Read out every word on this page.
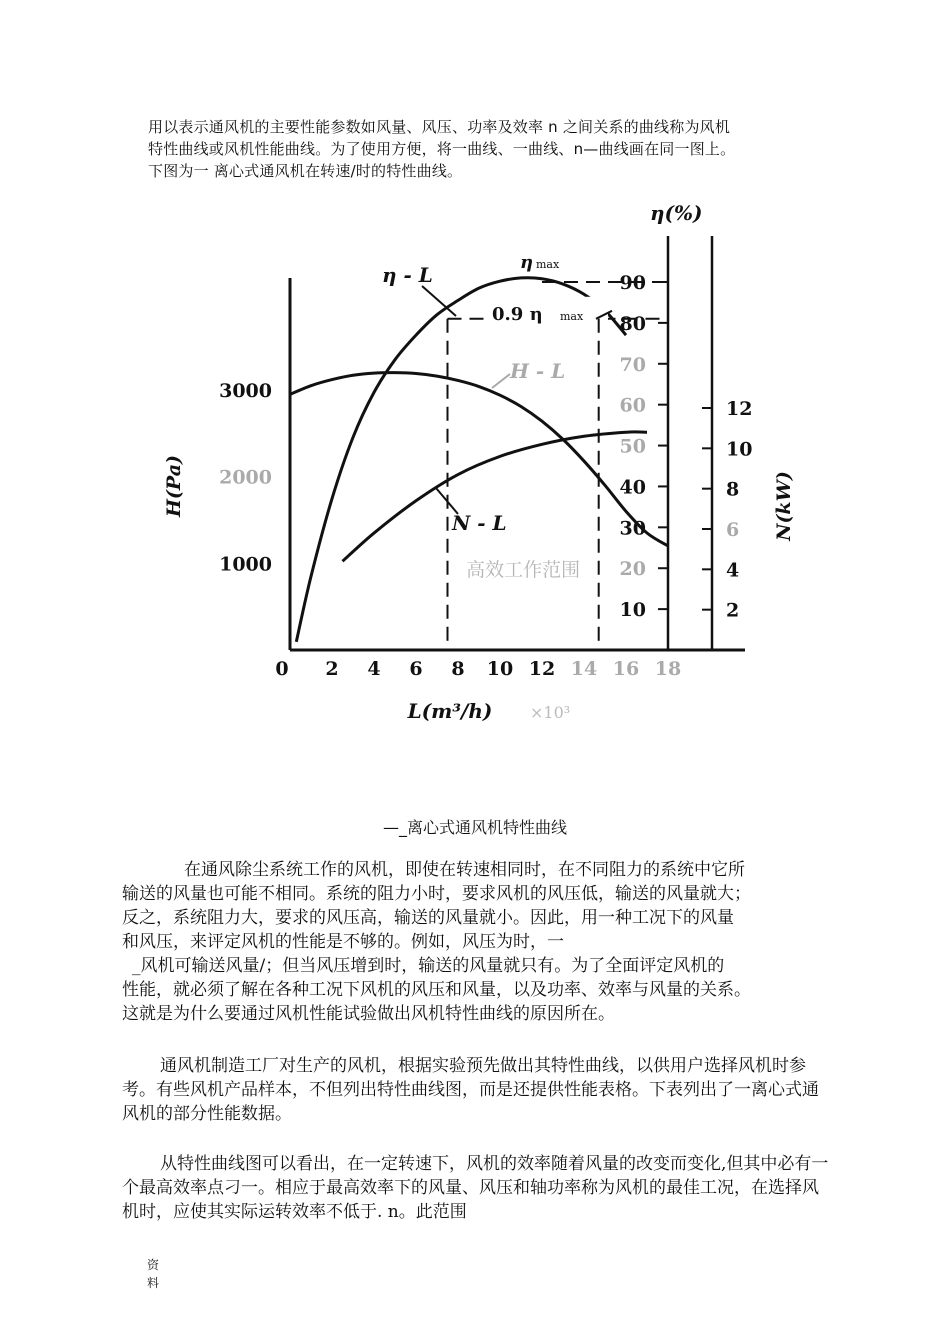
用以表示通风机的主要性能参数如风量、风压、功率及效率 n 之间关系的曲线称为风机

特性曲线或风机性能曲线。为了使用方便，将一曲线、一曲线、n—曲线画在同一图上。

下图为一 离心式通风机在转速/时的特性曲线。

0 2 4 6 8 10 12 14 16 18
1000
2000
3000
10
20
30
40
50
60
70
80
90
2
4
6
8
10
12
η - L
H - L
N - L
η max
0.9 η max
高效工作范围
η(%)
H(Pa)	N(kW)
L(m³/h) ×10³
—_离心式通风机特性曲线

在通风除尘系统工作的风机，即使在转速相同时，在不同阻力的系统中它所

输送的风量也可能不相同。系统的阻力小时，要求风机的风压低，输送的风量就大；

反之，系统阻力大，要求的风压高，输送的风量就小。因此，用一种工况下的风量

和风压，来评定风机的性能是不够的。例如，风压为时，一

_风机可输送风量/；但当风压增到时，输送的风量就只有。为了全面评定风机的

性能，就必须了解在各种工况下风机的风压和风量，以及功率、效率与风量的关系。

这就是为什么要通过风机性能试验做出风机特性曲线的原因所在。

通风机制造工厂对生产的风机，根据实验预先做出其特性曲线，以供用户选择风机时参考。有些风机产品样本，不但列出特性曲线图，而是还提供性能表格。下表列出了一离心式通风机的部分性能数据。

从特性曲线图可以看出，在一定转速下，风机的效率随着风量的改变而变化,但其中必有一个最高效率点刁一。相应于最高效率下的风量、风压和轴功率称为风机的最佳工况，在选择风机时，应使其实际运转效率不低于. n。此范围

资料
